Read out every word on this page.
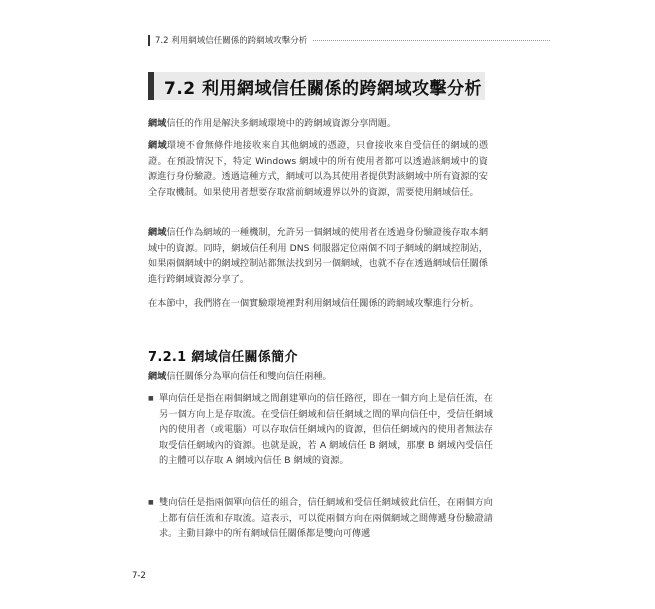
7.2 利用網域信任關係的跨網域攻擊分析
7.2 利用網域信任關係的跨網域攻擊分析

網域信任的作用是解決多網域環境中的跨網域資源分享問題。

網域環境不會無條件地接收來自其他網域的憑證，只會接收來自受信任的網域的憑證。在預設情況下，特定 Windows 網域中的所有使用者都可以透過該網域中的資源進行身份驗證。透過這種方式，網域可以為其使用者提供對該網域中所有資源的安全存取機制。如果使用者想要存取當前網域邊界以外的資源，需要使用網域信任。

網域信任作為網域的一種機制，允許另一個網域的使用者在透過身份驗證後存取本網域中的資源。同時，網域信任利用 DNS 伺服器定位兩個不同子網域的網域控制站，如果兩個網域中的網域控制站都無法找到另一個網域，也就不存在透過網域信任關係進行跨網域資源分享了。

在本節中，我們將在一個實驗環境裡對利用網域信任關係的跨網域攻擊進行分析。

7.2.1 網域信任關係簡介

網域信任關係分為單向信任和雙向信任兩種。

■ 單向信任是指在兩個網域之間創建單向的信任路徑，即在一個方向上是信任流，在另一個方向上是存取流。在受信任網域和信任網域之間的單向信任中，受信任網域內的使用者（或電腦）可以存取信任網域內的資源，但信任網域內的使用者無法存取受信任網域內的資源。也就是說，若 A 網域信任 B 網域，那麼 B 網域內受信任的主體可以存取 A 網域內信任 B 網域的資源。
■ 雙向信任是指兩個單向信任的組合，信任網域和受信任網域彼此信任，在兩個方向上都有信任流和存取流。這表示，可以從兩個方向在兩個網域之間傳遞身份驗證請求。主動目錄中的所有網域信任關係都是雙向可傳遞
7-2
